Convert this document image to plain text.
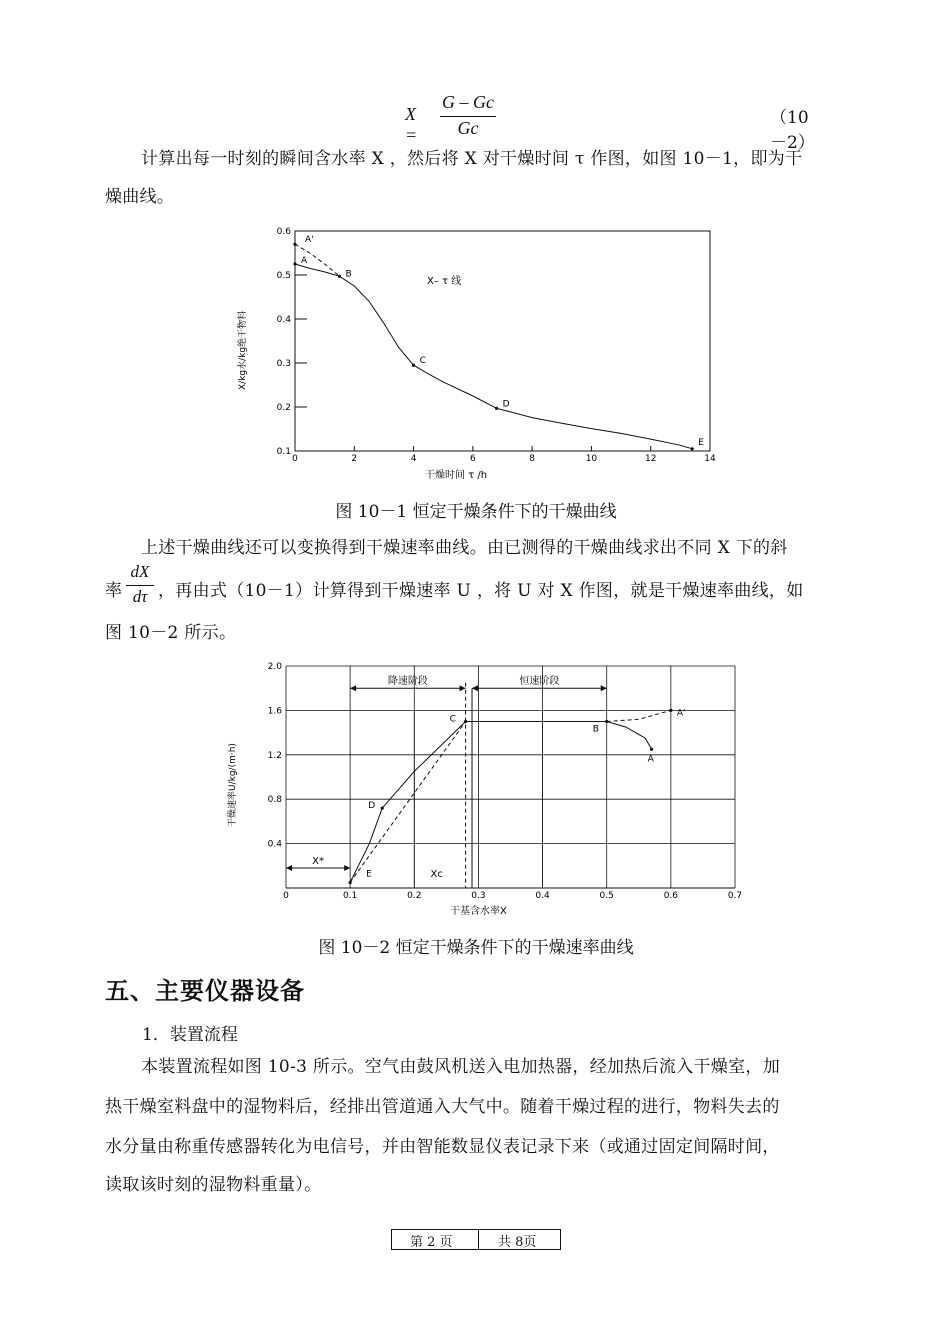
X =
G – Gc
Gc	（10－2）
计算出每一时刻的瞬间含水率 X ，然后将 X 对干燥时间 τ 作图，如图 10－1，即为干
燥曲线。
X– τ 线
干燥时间 τ /h
X/kg水/kg绝干物料
0	2	4	6	8	10	12	14
0.1
0.2
0.3
0.4
0.5
0.6
A'
A
B
C
D
E
图 10－1 恒定干燥条件下的干燥曲线
上述干燥曲线还可以变换得到干燥速率曲线。由已测得的干燥曲线求出不同 X 下的斜
率
dX
dτ ，再由式（10－1）计算得到干燥速率 U ，将 U 对 X 作图，就是干燥速率曲线，如
图 10－2 所示。
干基含水率X
干燥速率U/kg/(m·h)
0	0.1	0.2	0.3	0.4	0.5	0.6	0.7
0.4
0.8
1.2
1.6
2.0
降速阶段	恒速阶段
X*
Xc
A'
A
B
C
D
E
图 10－2 恒定干燥条件下的干燥速率曲线
五、主要仪器设备
1．装置流程
本装置流程如图 10-3 所示。空气由鼓风机送入电加热器，经加热后流入干燥室，加
热干燥室料盘中的湿物料后，经排出管道通入大气中。随着干燥过程的进行，物料失去的
水分量由称重传感器转化为电信号，并由智能数显仪表记录下来（或通过固定间隔时间，
读取该时刻的湿物料重量）。
第 2 页	共 8页
